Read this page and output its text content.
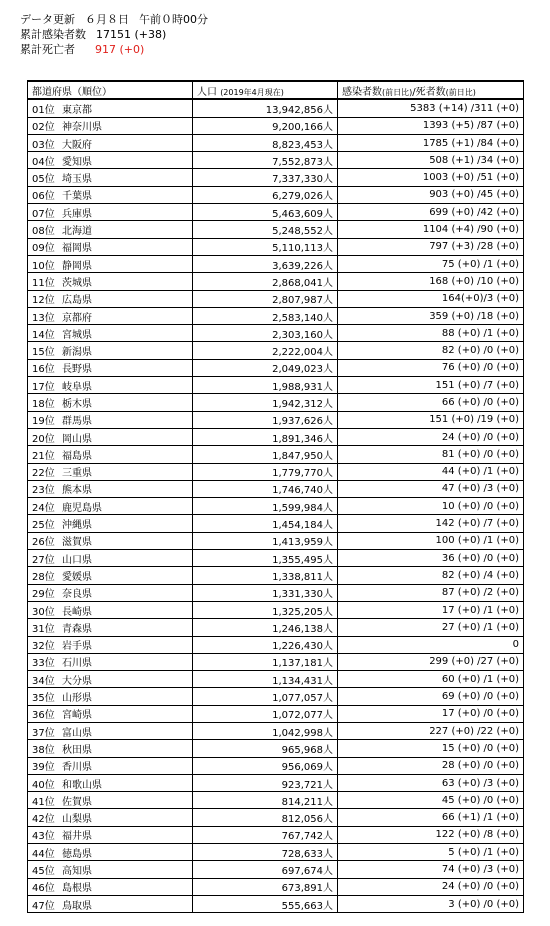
データ更新 ６月８日 午前０時00分
累計感染者数 17151 (+38)
累計死亡者 917 (+0)
都道府県（順位）	人口 (2019年4月現在)	感染者数(前日比)/死者数(前日比)
01位 東京都	13,942,856人	5383 (+14) /311 (+0)
02位 神奈川県	9,200,166人	1393 (+5) /87 (+0)
03位 大阪府	8,823,453人	1785 (+1) /84 (+0)
04位 愛知県	7,552,873人	508 (+1) /34 (+0)
05位 埼玉県	7,337,330人	1003 (+0) /51 (+0)
06位 千葉県	6,279,026人	903 (+0) /45 (+0)
07位 兵庫県	5,463,609人	699 (+0) /42 (+0)
08位 北海道	5,248,552人	1104 (+4) /90 (+0)
09位 福岡県	5,110,113人	797 (+3) /28 (+0)
10位 静岡県	3,639,226人	75 (+0) /1 (+0)
11位 茨城県	2,868,041人	168 (+0) /10 (+0)
12位 広島県	2,807,987人	164(+0)/3 (+0)
13位 京都府	2,583,140人	359 (+0) /18 (+0)
14位 宮城県	2,303,160人	88 (+0) /1 (+0)
15位 新潟県	2,222,004人	82 (+0) /0 (+0)
16位 長野県	2,049,023人	76 (+0) /0 (+0)
17位 岐阜県	1,988,931人	151 (+0) /7 (+0)
18位 栃木県	1,942,312人	66 (+0) /0 (+0)
19位 群馬県	1,937,626人	151 (+0) /19 (+0)
20位 岡山県	1,891,346人	24 (+0) /0 (+0)
21位 福島県	1,847,950人	81 (+0) /0 (+0)
22位 三重県	1,779,770人	44 (+0) /1 (+0)
23位 熊本県	1,746,740人	47 (+0) /3 (+0)
24位 鹿児島県	1,599,984人	10 (+0) /0 (+0)
25位 沖縄県	1,454,184人	142 (+0) /7 (+0)
26位 滋賀県	1,413,959人	100 (+0) /1 (+0)
27位 山口県	1,355,495人	36 (+0) /0 (+0)
28位 愛媛県	1,338,811人	82 (+0) /4 (+0)
29位 奈良県	1,331,330人	87 (+0) /2 (+0)
30位 長崎県	1,325,205人	17 (+0) /1 (+0)
31位 青森県	1,246,138人	27 (+0) /1 (+0)
32位 岩手県	1,226,430人	0
33位 石川県	1,137,181人	299 (+0) /27 (+0)
34位 大分県	1,134,431人	60 (+0) /1 (+0)
35位 山形県	1,077,057人	69 (+0) /0 (+0)
36位 宮崎県	1,072,077人	17 (+0) /0 (+0)
37位 富山県	1,042,998人	227 (+0) /22 (+0)
38位 秋田県	965,968人	15 (+0) /0 (+0)
39位 香川県	956,069人	28 (+0) /0 (+0)
40位 和歌山県	923,721人	63 (+0) /3 (+0)
41位 佐賀県	814,211人	45 (+0) /0 (+0)
42位 山梨県	812,056人	66 (+1) /1 (+0)
43位 福井県	767,742人	122 (+0) /8 (+0)
44位 徳島県	728,633人	5 (+0) /1 (+0)
45位 高知県	697,674人	74 (+0) /3 (+0)
46位 島根県	673,891人	24 (+0) /0 (+0)
47位 鳥取県	555,663人	3 (+0) /0 (+0)
